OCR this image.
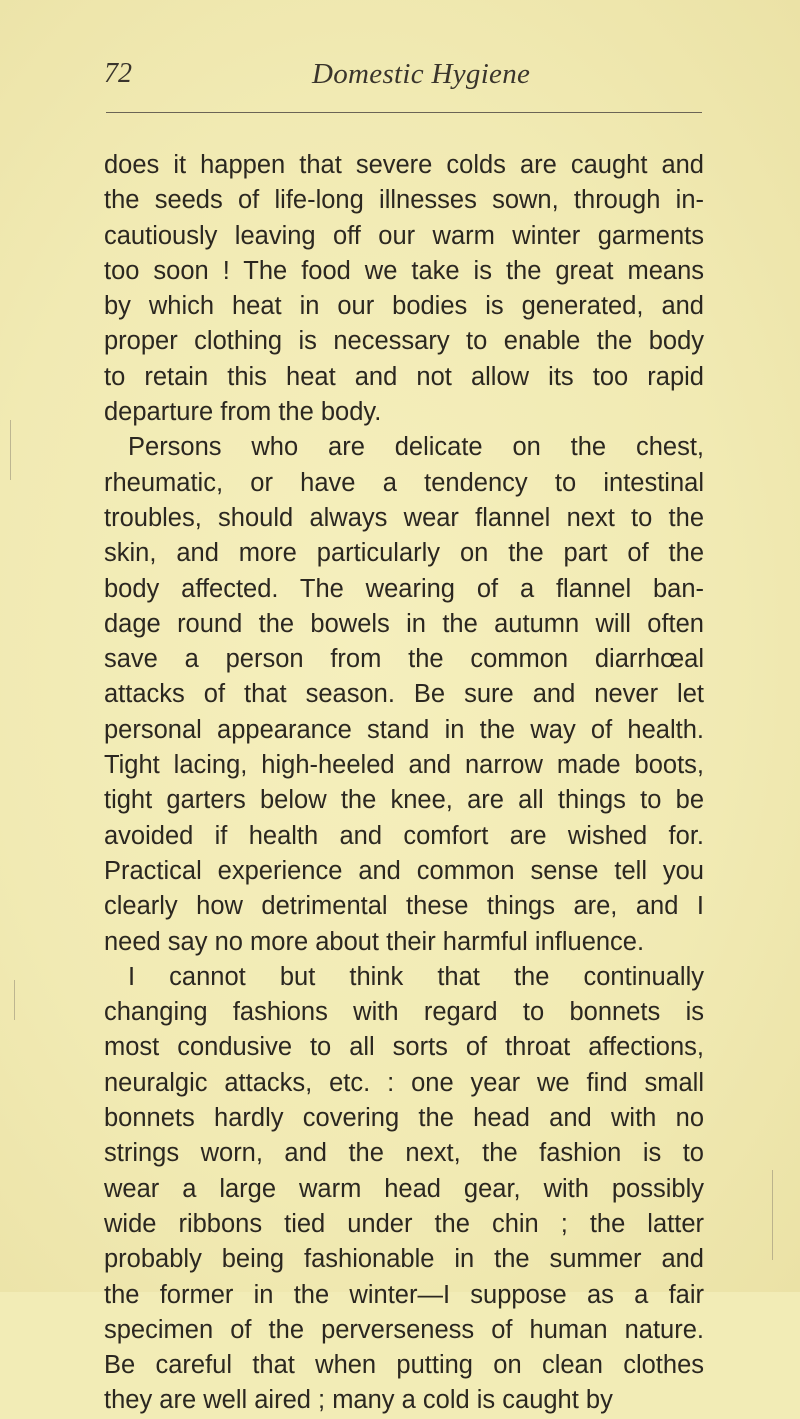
72	Domestic Hygiene
does it happen that severe colds are caught and
the seeds of life-long illnesses sown, through in-
cautiously leaving off our warm winter garments
too soon ! The food we take is the great means
by which heat in our bodies is generated, and
proper clothing is necessary to enable the body
to retain this heat and not allow its too rapid
departure from the body.
Persons who are delicate on the chest,
rheumatic, or have a tendency to intestinal
troubles, should always wear flannel next to the
skin, and more particularly on the part of the
body affected. The wearing of a flannel ban-
dage round the bowels in the autumn will often
save a person from the common diarrhœal
attacks of that season. Be sure and never let
personal appearance stand in the way of health.
Tight lacing, high-heeled and narrow made boots,
tight garters below the knee, are all things to be
avoided if health and comfort are wished for.
Practical experience and common sense tell you
clearly how detrimental these things are, and I
need say no more about their harmful influence.
I cannot but think that the continually
changing fashions with regard to bonnets is
most condusive to all sorts of throat affections,
neuralgic attacks, etc. : one year we find small
bonnets hardly covering the head and with no
strings worn, and the next, the fashion is to
wear a large warm head gear, with possibly
wide ribbons tied under the chin ; the latter
probably being fashionable in the summer and
the former in the winter—I suppose as a fair
specimen of the perverseness of human nature.
Be careful that when putting on clean clothes
they are well aired ; many a cold is caught by
